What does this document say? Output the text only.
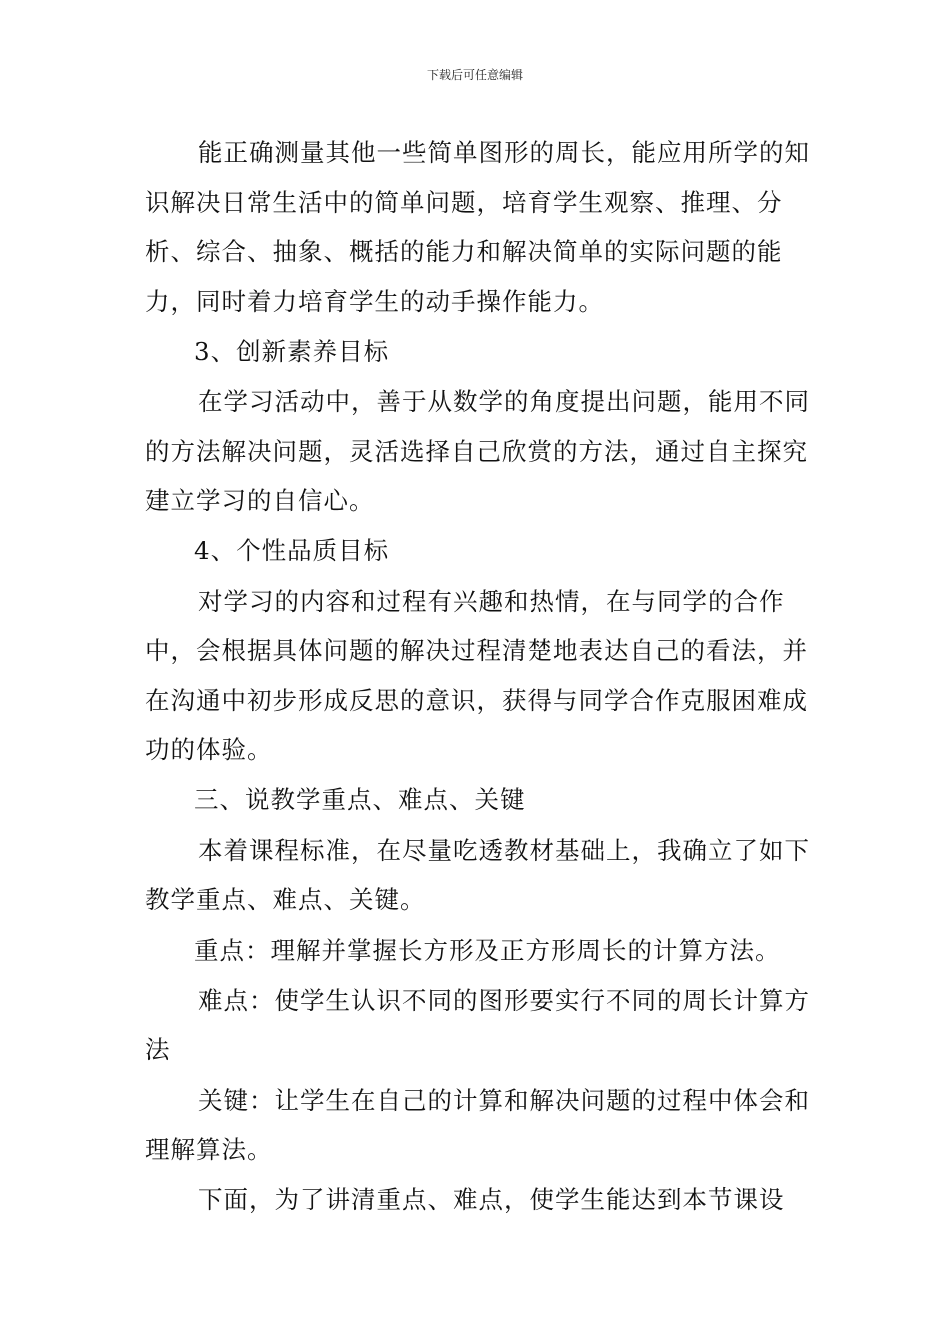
下载后可任意编辑

能正确测量其他一些简单图形的周长，能应用所学的知识解决日常生活中的简单问题，培育学生观察、推理、分析、综合、抽象、概括的能力和解决简单的实际问题的能力，同时着力培育学生的动手操作能力。

3、创新素养目标

在学习活动中，善于从数学的角度提出问题，能用不同的方法解决问题，灵活选择自己欣赏的方法，通过自主探究建立学习的自信心。

4、个性品质目标

对学习的内容和过程有兴趣和热情，在与同学的合作中，会根据具体问题的解决过程清楚地表达自己的看法，并在沟通中初步形成反思的意识，获得与同学合作克服困难成功的体验。

三、说教学重点、难点、关键

本着课程标准，在尽量吃透教材基础上，我确立了如下教学重点、难点、关键。

重点：理解并掌握长方形及正方形周长的计算方法。

难点：使学生认识不同的图形要实行不同的周长计算方法

关键：让学生在自己的计算和解决问题的过程中体会和理解算法。

下面，为了讲清重点、难点，使学生能达到本节课设
